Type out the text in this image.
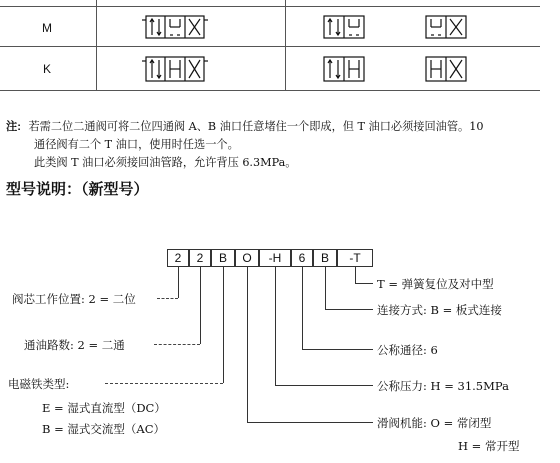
M
K
注: 若需二位二通阀可将二位四通阀 A、B 油口任意堵住一个即成，但 T 油口必须接回油管。10
通径阀有二个 T 油口，使用时任选一个。
此类阀 T 油口必须接回油管路，允许背压 6.3MPa。
型号说明：（新型号）
2	2	B	O	-H	6	B	-T
T = 弹簧复位及对中型
连接方式: B = 板式连接
公称通径: 6
公称压力: H = 31.5MPa
滑阀机能: O = 常闭型
H = 常开型
阀芯工作位置: 2 = 二位
通油路数: 2 = 二通
电磁铁类型:
E = 湿式直流型（DC）
B = 湿式交流型（AC）
